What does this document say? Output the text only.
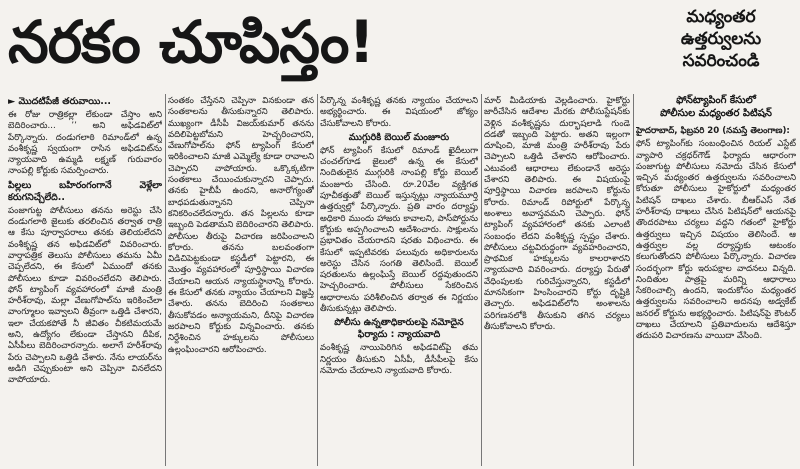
నరకం చూపిస్తం!	మధ్యంతర
ఉత్తర్వులను
సవరించండి
ఫోన్‌ట్యాపింగ్ కేసులో
పోలీసుల మధ్యంతర పిటిషన్

► మొదటిపేజీ తరువాయి...

ఈ రోజు రాత్రికల్లా లేకుండా చేస్తాం అని బెదిరించారు... ’’ అని అఫిడవిట్‌లో పేర్కొన్నారు. దండుగలాఠి రిమాండ్‌లో ఉన్న వంశీకృష్ణ స్వయంగా రాసిన అఫిడవిట్‌ను న్యాయవాది ఉమ్మడి లక్ష్మణ్ గురువారం నాంపల్లి కోర్టుకు సమర్పించారు.

పిల్లలు బహిరంగంగానే వెళ్లేలా కరుగనిచ్చేలేది..

పంజాగుట్ట పోలీసులు తనను అరెస్టు చేసి దండుగలాఠి జైలుకు తరలించిన తర్వాత రాత్రి ఆ కేసు పూర్వాపరాలు తనకు తెలియలేదని వంశీకృష్ణ తన అఫిడవిట్‌లో వివరించారు. వార్తాపత్రిక తెలుసు పోలీసులు తమను ఏమీ చెప్పలేదని, ఈ కేసులో ఏముందో తనకు పోలీసులు కూడా వివరించలేదని తెలిపారు. ఫోన్ ట్యాపింగ్ వ్యవహారంలో మాజీ మంత్రి హరీశ్‌రావు, మల్లా వేణుగోపాల్‌ను ఇరికించేలా వాంగ్మూలం ఇవ్వాలని తీవ్రంగా ఒత్తిడి చేశారని, ఇలా చేయకపోతే నీ జీవితం చీకటిమయమే అని, ఉద్యోగం లేకుండా చేస్తానని దీపిక, ఏసీపీలు బెదిరించారన్నారు. అలాగే హరీశ్‌రావు పేరు చెప్పాలని ఒత్తిడి చేశారు. నేను లాయర్‌ను అడిగి చెప్పుకుంటా అని చెప్పినా వినలేదని వాపోయారు.

సంతకం చేస్తేనని చెప్పినా వినకుండా తన సంతకాలను తీసుకున్నారని తెలిపారు. ముఖ్యంగా డీసీపీ విజయ్‌కుమార్ తనను వదిలిపెట్టబోమని హెచ్చరించారని, వేణుగోపాల్‌ను ఫోన్ ట్యాపింగ్ కేసులో ఇరికించాలని మాజీ ఎమ్మెల్యే కూడా రావాలని చెప్పారని వాపోయారు. ఒక్కొక్కటిగా సంతకాలు చేయించుకున్నారని చెప్పారు. తనకు హైబీపీ ఉందని, అనారోగ్యంతో బాధపడుతున్నానని చెప్పినా కనికరించలేదన్నారు. తన పిల్లలను కూడా ఇబ్బంది పెడతామని బెదిరించారని తెలిపారు. పోలీసుల తీరుపై విచారణ జరిపించాలని కోరారు. తనను బలవంతంగా విడిచిపెట్టకుండా కస్టడీలో పెట్టారని, ఈ మొత్తం వ్యవహారంలో పూర్తిస్థాయి విచారణ చేయాలని ఆయన న్యాయస్థానాన్ని కోరారు. ఈ కేసులో తనకు న్యాయం చేయాలని విజ్ఞప్తి చేశారు. తనను బెదిరించి సంతకాలు తీసుకోవడం అన్యాయమని, దీనిపై విచారణ జరపాలని కోర్టుకు విన్నవించారు. తనకు నిర్దేశించిన హక్కులను పోలీసులు ఉల్లంఘించారని ఆరోపించారు.

పేర్కొన్న వంశీకృష్ణ తనకు న్యాయం చేయాలని అభ్యర్థించారు. ఈ విషయంలో జోక్యం చేసుకోవాలని కోరారు.

ముగ్గురికి బెయిల్ మంజూరు

ఫోన్ ట్యాపింగ్ కేసులో రిమాండ్ ఖైదీలుగా చంచల్‌గూడ జైలులో ఉన్న ఈ కేసులో నిందితులైన ముగ్గురికి నాంపల్లి కోర్టు బెయిల్ మంజూరు చేసింది. రూ.20వేల వ్యక్తిగత పూచీకత్తుతో బెయిల్ ఇస్తున్నట్లు న్యాయమూర్తి ఉత్తర్వుల్లో పేర్కొన్నారు. ప్రతి వారం దర్యాప్తు అధికారి ముందు హాజరు కావాలని, పాస్‌పోర్టును కోర్టుకు అప్పగించాలని ఆదేశించారు. సాక్షులను ప్రభావితం చేయరాదని షరతు విధించారు. ఈ కేసులో ఇప్పటివరకు పలువురు అధికారులను అరెస్టు చేసిన సంగతి తెలిసిందే. బెయిల్ షరతులను ఉల్లంఘిస్తే బెయిల్ రద్దవుతుందని హెచ్చరించారు. పోలీసులు సేకరించిన ఆధారాలను పరిశీలించిన తర్వాత ఈ నిర్ణయం తీసుకున్నట్లు తెలిపారు.

పోలీసు ఉన్నతాధికారులపై నమోదైన ఫిర్యాదు : న్యాయవాది

వంశీకృష్ణ నాయిపెరిగిన అఫిడవిట్‌పై తమ నిర్ణయం తీసుకుని ఏసీపీ, డీసీపీలపై కేసు నమోదు చేయాలని న్యాయవాది కోరారు.

మార్ మీడియాకు వెల్లడించారు. హైకోర్టు జారీచేసిన ఆదేశాల మేరకు పోలీసుస్టేషన్‌కు వెళ్లిన వంశీకృష్ణను దుర్భాషలాడి గుండె దడతో ఇబ్బంది పెట్టారు. అతని ఇల్లంగా దూషించి, మాజీ మంత్రి హరీశ్‌రావు పేరు చెప్పాలని ఒత్తిడి చేశారని ఆరోపించారు. ఎటువంటి ఆధారాలు లేకుండానే అరెస్టు చేశారని తెలిపారు. ఈ విషయంపై పూర్తిస్థాయి విచారణ జరపాలని కోర్టును కోరారు. రిమాండ్ రిపోర్టులో పేర్కొన్న అంశాలు అవాస్తవమని చెప్పారు. ఫోన్ ట్యాపింగ్ వ్యవహారంలో తనకు ఎలాంటి సంబంధం లేదని వంశీకృష్ణ స్పష్టం చేశారు. పోలీసులు చట్టవిరుద్ధంగా వ్యవహరించారని, ప్రాథమిక హక్కులను కాలరాశారని న్యాయవాది వివరించారు. దర్యాప్తు పేరుతో వేధింపులకు గురిచేస్తున్నారని, కస్టడీలో మానసికంగా హింసించారని కోర్టు దృష్టికి తెచ్చారు. అఫిడవిట్‌లోని అంశాలను పరిగణనలోకి తీసుకుని తగిన చర్యలు తీసుకోవాలని కోరారు.

హైదరాబాద్, ఫిబ్రవరి 20 (నమస్తే తెలంగాణ):

ఫోన్ ట్యాపింగ్‌కు సంబంధించిన రియల్ ఎస్టేట్ వ్యాపారి చక్రధర్‌గౌడ్ ఫిర్యాదు ఆధారంగా పంజాగుట్ట పోలీసులు నమోదు చేసిన కేసులో ఇచ్చిన మధ్యంతర ఉత్తర్వులను సవరించాలని కోరుతూ పోలీసులు హైకోర్టులో మధ్యంతర పిటిషన్ దాఖలు చేశారు. బీఆర్ఎస్ నేత హరీశ్‌రావు దాఖలు చేసిన పిటిషన్‌లో ఆయనపై తొందరపాటు చర్యలు వద్దని గతంలో హైకోర్టు ఉత్తర్వులు ఇచ్చిన విషయం తెలిసిందే. ఆ ఉత్తర్వుల వల్ల దర్యాప్తుకు ఆటంకం కలుగుతోందని పోలీసులు పేర్కొన్నారు. విచారణ సందర్భంగా కోర్టు ఇరుపక్షాల వాదనలు విన్నది. నిందితుల పాత్రపై మరిన్ని ఆధారాలు సేకరించాల్సి ఉందని, ఇందుకోసం మధ్యంతర ఉత్తర్వులను సవరించాలని అదనపు అడ్వకేట్ జనరల్ కోర్టును అభ్యర్థించారు. పిటిషన్‌పై కౌంటర్ దాఖలు చేయాలని ప్రతివాదులను ఆదేశిస్తూ తదుపరి విచారణను వాయిదా వేసింది.
